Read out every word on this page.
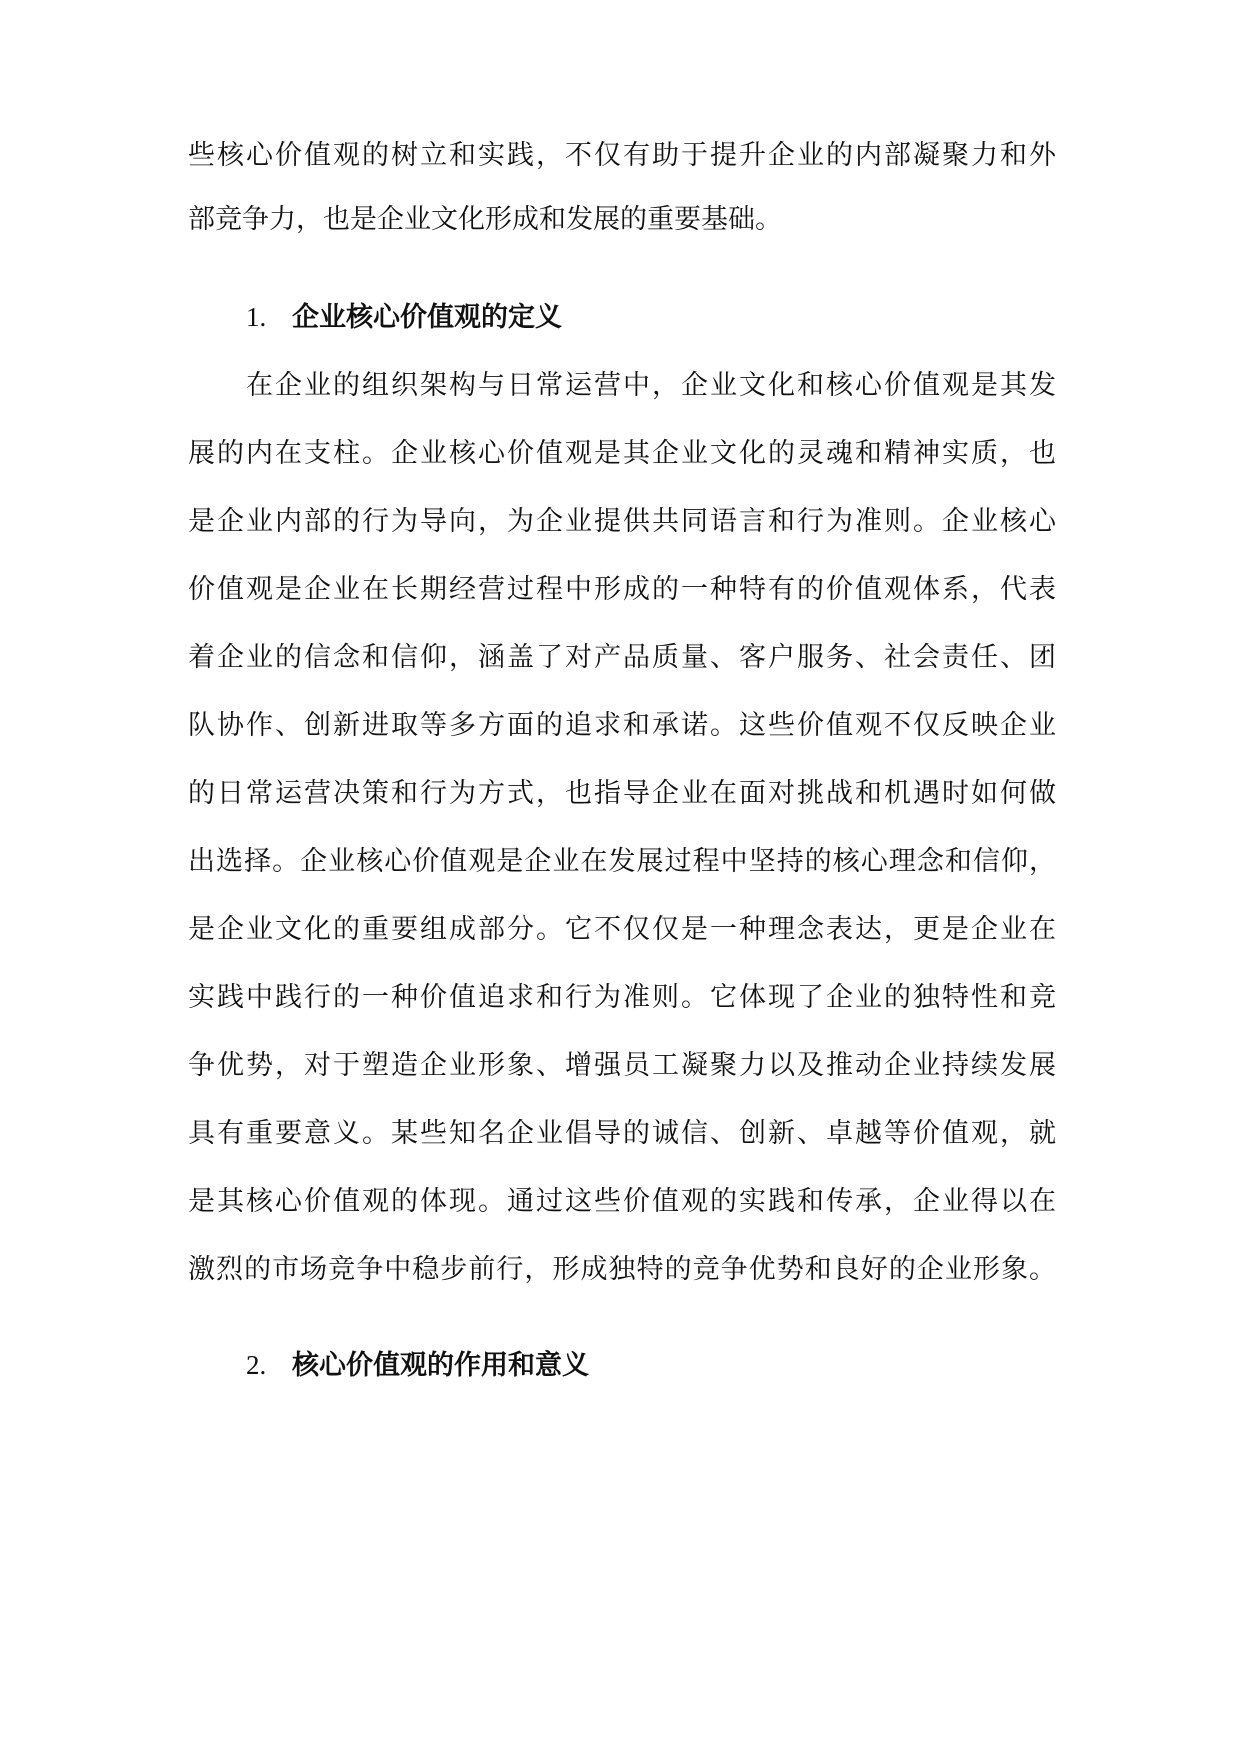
些核心价值观的树立和实践，不仅有助于提升企业的内部凝聚力和外
部竞争力，也是企业文化形成和发展的重要基础。
1. 企业核心价值观的定义
在企业的组织架构与日常运营中，企业文化和核心价值观是其发
展的内在支柱。企业核心价值观是其企业文化的灵魂和精神实质，也
是企业内部的行为导向，为企业提供共同语言和行为准则。企业核心
价值观是企业在长期经营过程中形成的一种特有的价值观体系，代表
着企业的信念和信仰，涵盖了对产品质量、客户服务、社会责任、团
队协作、创新进取等多方面的追求和承诺。这些价值观不仅反映企业
的日常运营决策和行为方式，也指导企业在面对挑战和机遇时如何做
出选择。企业核心价值观是企业在发展过程中坚持的核心理念和信仰，
是企业文化的重要组成部分。它不仅仅是一种理念表达，更是企业在
实践中践行的一种价值追求和行为准则。它体现了企业的独特性和竞
争优势，对于塑造企业形象、增强员工凝聚力以及推动企业持续发展
具有重要意义。某些知名企业倡导的诚信、创新、卓越等价值观，就
是其核心价值观的体现。通过这些价值观的实践和传承，企业得以在
激烈的市场竞争中稳步前行，形成独特的竞争优势和良好的企业形象。
2. 核心价值观的作用和意义
